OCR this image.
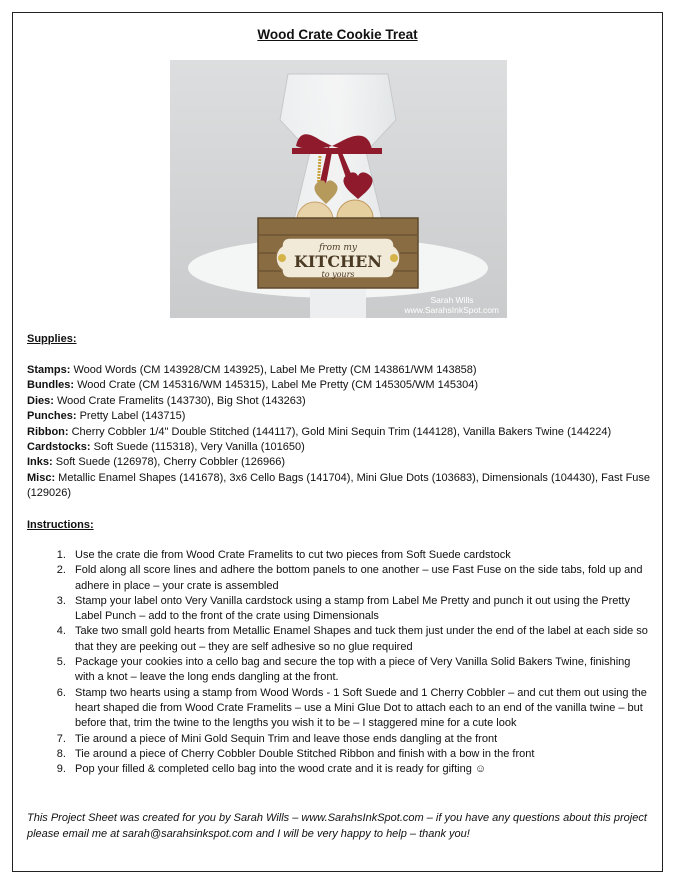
Wood Crate Cookie Treat
from my
KITCHEN
to yours
Sarah Wills
www.SarahsInkSpot.com
Supplies:
Stamps: Wood Words (CM 143928/CM 143925), Label Me Pretty (CM 143861/WM 143858)
Bundles: Wood Crate (CM 145316/WM 145315), Label Me Pretty (CM 145305/WM 145304)
Dies: Wood Crate Framelits (143730), Big Shot (143263)
Punches: Pretty Label (143715)
Ribbon: Cherry Cobbler 1/4" Double Stitched (144117), Gold Mini Sequin Trim (144128), Vanilla Bakers Twine (144224)
Cardstocks: Soft Suede (115318), Very Vanilla (101650)
Inks: Soft Suede (126978), Cherry Cobbler (126966)
Misc: Metallic Enamel Shapes (141678), 3x6 Cello Bags (141704), Mini Glue Dots (103683), Dimensionals (104430), Fast Fuse (129026)
Instructions:
1. Use the crate die from Wood Crate Framelits to cut two pieces from Soft Suede cardstock
2. Fold along all score lines and adhere the bottom panels to one another – use Fast Fuse on the side tabs, fold up and adhere in place – your crate is assembled
3. Stamp your label onto Very Vanilla cardstock using a stamp from Label Me Pretty and punch it out using the Pretty Label Punch – add to the front of the crate using Dimensionals
4. Take two small gold hearts from Metallic Enamel Shapes and tuck them just under the end of the label at each side so that they are peeking out – they are self adhesive so no glue required
5. Package your cookies into a cello bag and secure the top with a piece of Very Vanilla Solid Bakers Twine, finishing with a knot – leave the long ends dangling at the front.
6. Stamp two hearts using a stamp from Wood Words - 1 Soft Suede and 1 Cherry Cobbler – and cut them out using the heart shaped die from Wood Crate Framelits – use a Mini Glue Dot to attach each to an end of the vanilla twine – but before that, trim the twine to the lengths you wish it to be – I staggered mine for a cute look
7. Tie around a piece of Mini Gold Sequin Trim and leave those ends dangling at the front
8. Tie around a piece of Cherry Cobbler Double Stitched Ribbon and finish with a bow in the front
9. Pop your filled & completed cello bag into the wood crate and it is ready for gifting ☺
This Project Sheet was created for you by Sarah Wills – www.SarahsInkSpot.com – if you have any questions about this project please email me at sarah@sarahsinkspot.com and I will be very happy to help – thank you!
